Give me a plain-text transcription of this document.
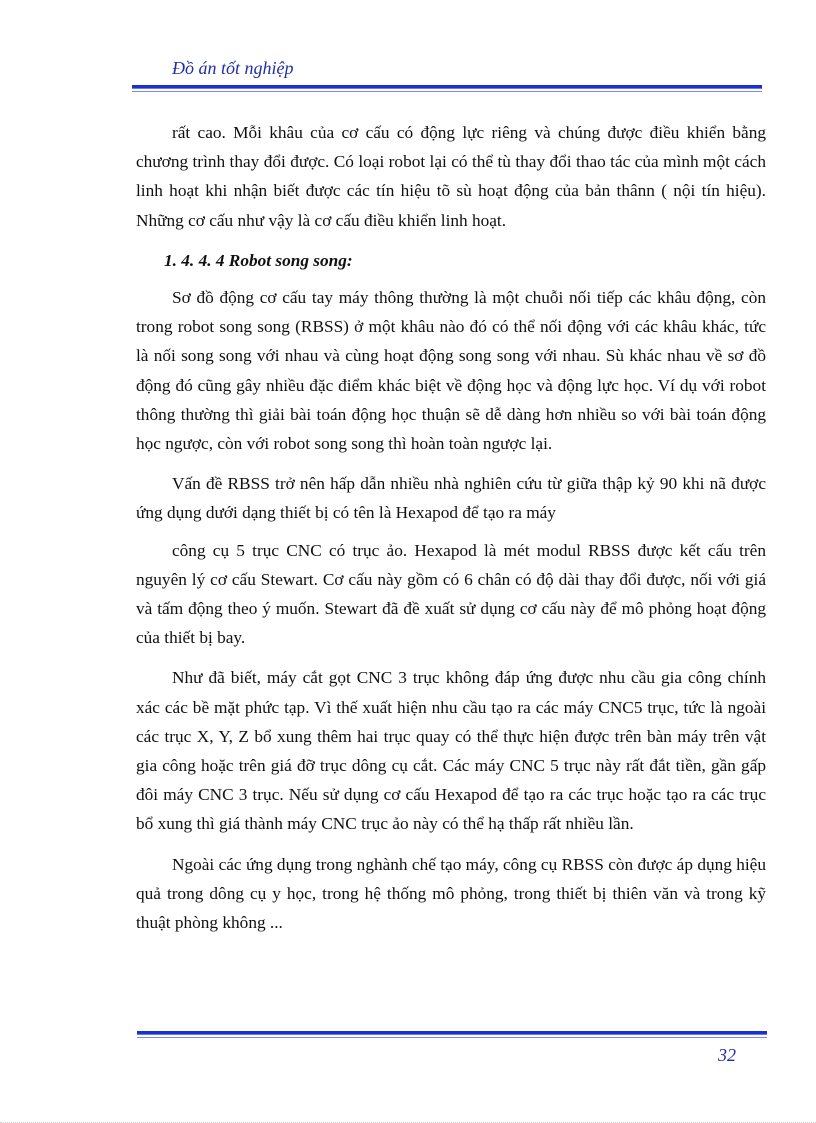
Đồ án tốt nghiệp

rất cao. Mỗi khâu của cơ cấu có động lực riêng và chúng được điều khiển bằng chương trình thay đổi được. Có loại robot lại có thể tù thay đổi thao tác của mình một cách linh hoạt khi nhận biết được các tín hiệu tõ sù hoạt động của bản thânn ( nội tín hiệu). Những cơ cấu như vậy là cơ cấu điều khiển linh hoạt.

1. 4. 4. 4 Robot song song:

Sơ đồ động cơ cấu tay máy thông thường là một chuỗi nối tiếp các khâu động, còn trong robot song song (RBSS) ở một khâu nào đó có thể nối động với các khâu khác, tức là nối song song với nhau và cùng hoạt động song song với nhau. Sù khác nhau về sơ đồ động đó cũng gây nhiều đặc điểm khác biệt về động học và động lực học. Ví dụ với robot thông thường thì giải bài toán động học thuận sẽ dễ dàng hơn nhiều so với bài toán động học ngược, còn với robot song song thì hoàn toàn ngược lại.

Vấn đề RBSS trở nên hấp dẫn nhiều nhà nghiên cứu từ giữa thập kỷ 90 khi nã được ứng dụng dưới dạng thiết bị có tên là Hexapod để tạo ra máy

công cụ 5 trục CNC có trục ảo. Hexapod là mét modul RBSS được kết cấu trên nguyên lý cơ cấu Stewart. Cơ cấu này gồm có 6 chân có độ dài thay đổi được, nối với giá và tấm động theo ý muốn. Stewart đã đề xuất sử dụng cơ cấu này để mô phỏng hoạt động của thiết bị bay.

Như đã biết, máy cắt gọt CNC 3 trục không đáp ứng được nhu cầu gia công chính xác các bề mặt phức tạp. Vì thế xuất hiện nhu cầu tạo ra các máy CNC5 trục, tức là ngoài các trục X, Y, Z bổ xung thêm hai trục quay có thể thực hiện được trên bàn máy trên vật gia công hoặc trên giá đỡ trục dông cụ cắt. Các máy CNC 5 trục này rất đắt tiền, gần gấp đôi máy CNC 3 trục. Nếu sử dụng cơ cấu Hexapod để tạo ra các trục hoặc tạo ra các trục bổ xung thì giá thành máy CNC trục ảo này có thể hạ thấp rất nhiều lần.

Ngoài các ứng dụng trong nghành chế tạo máy, công cụ RBSS còn được áp dụng hiệu quả trong dông cụ y học, trong hệ thống mô phỏng, trong thiết bị thiên văn và trong kỹ thuật phòng không ...

32
